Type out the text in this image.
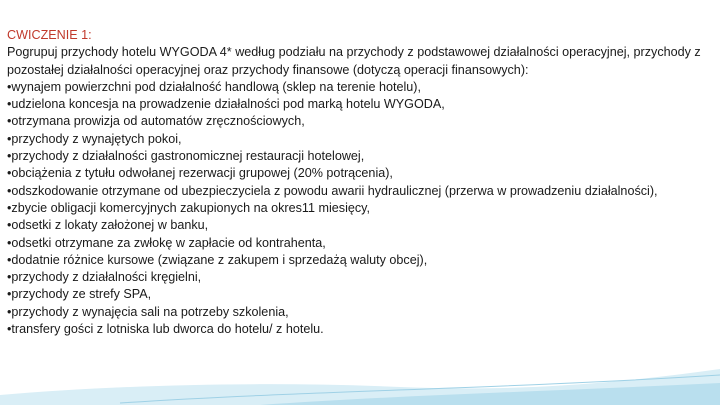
CWICZENIE 1:

Pogrupuj przychody hotelu WYGODA 4* według podziału na przychody z podstawowej działalności operacyjnej, przychody z pozostałej działalności operacyjnej oraz przychody finansowe (dotyczą operacji finansowych):

•wynajem powierzchni pod działalność handlową (sklep na terenie hotelu),
•udzielona koncesja na prowadzenie działalności pod marką hotelu WYGODA,
•otrzymana prowizja od automatów zręcznościowych,
•przychody z wynajętych pokoi,
•przychody z działalności gastronomicznej restauracji hotelowej,
•obciążenia z tytułu odwołanej rezerwacji grupowej (20% potrącenia),
•odszkodowanie otrzymane od ubezpieczyciela z powodu awarii hydraulicznej (przerwa w prowadzeniu działalności),
•zbycie obligacji komercyjnych zakupionych na okres11 miesięcy,
•odsetki z lokaty założonej w banku,
•odsetki otrzymane za zwłokę w zapłacie od kontrahenta,
•dodatnie różnice kursowe (związane z zakupem i sprzedażą waluty obcej),
•przychody z działalności kręgielni,
•przychody ze strefy SPA,
•przychody z wynajęcia sali na potrzeby szkolenia,
•transfery gości z lotniska lub dworca do hotelu/ z hotelu.
